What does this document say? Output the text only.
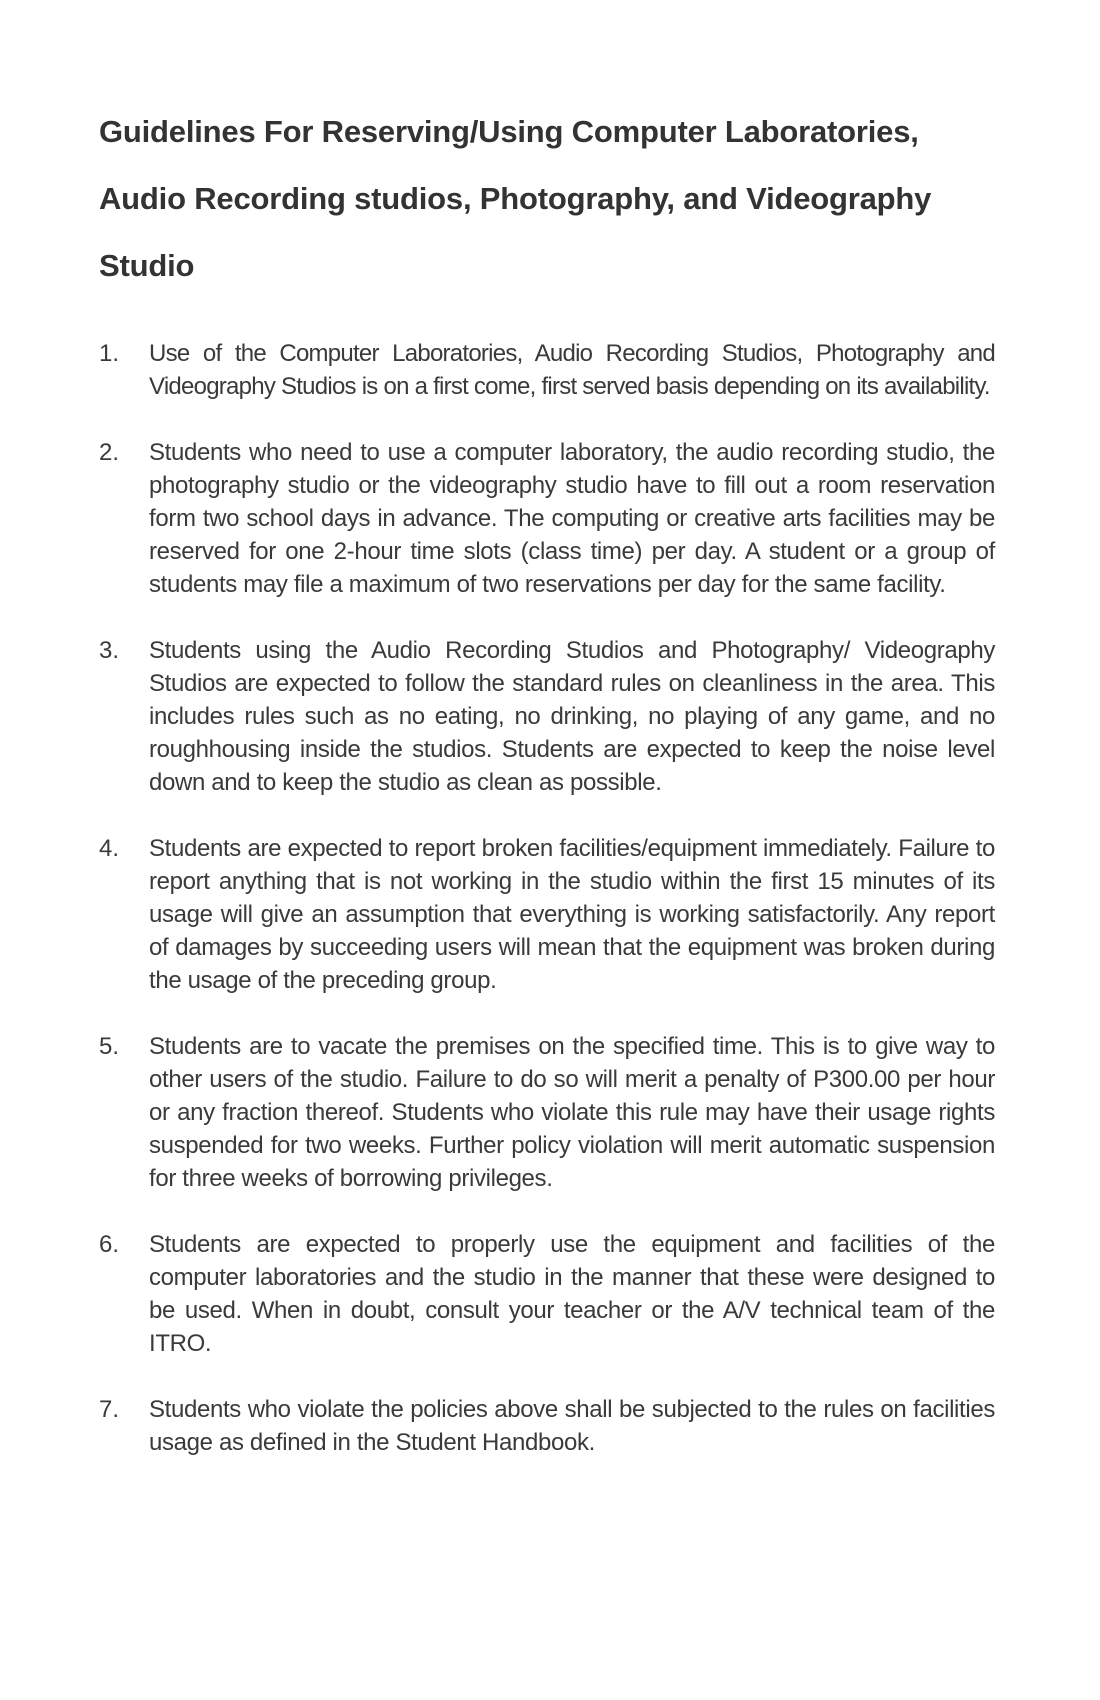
Guidelines For Reserving/Using Computer Laboratories,
Audio Recording studios, Photography, and Videography
Studio
1.	Use of the Computer Laboratories, Audio Recording Studios, Photography and Videography Studios is on a first come, first served basis depending on its availability.
2.	Students who need to use a computer laboratory, the audio recording studio, the photography studio or the videography studio have to fill out a room reservation form two school days in advance. The computing or creative arts facilities may be reserved for one 2-hour time slots (class time) per day. A student or a group of students may file a maximum of two reservations per day for the same facility.
3.	Students using the Audio Recording Studios and Photography/ Videography Studios are expected to follow the standard rules on cleanliness in the area. This includes rules such as no eating, no drinking, no playing of any game, and no roughhousing inside the studios. Students are expected to keep the noise level down and to keep the studio as clean as possible.
4.	Students are expected to report broken facilities/equipment immediately. Failure to report anything that is not working in the studio within the first 15 minutes of its usage will give an assumption that everything is working satisfactorily. Any report of damages by succeeding users will mean that the equipment was broken during the usage of the preceding group.
5.	Students are to vacate the premises on the specified time. This is to give way to other users of the studio. Failure to do so will merit a penalty of P300.00 per hour or any fraction thereof. Students who violate this rule may have their usage rights suspended for two weeks. Further policy violation will merit automatic suspension for three weeks of borrowing privileges.
6.	Students are expected to properly use the equipment and facilities of the computer laboratories and the studio in the manner that these were designed to be used. When in doubt, consult your teacher or the A/V technical team of the ITRO.
7.	Students who violate the policies above shall be subjected to the rules on facilities usage as defined in the Student Handbook.
